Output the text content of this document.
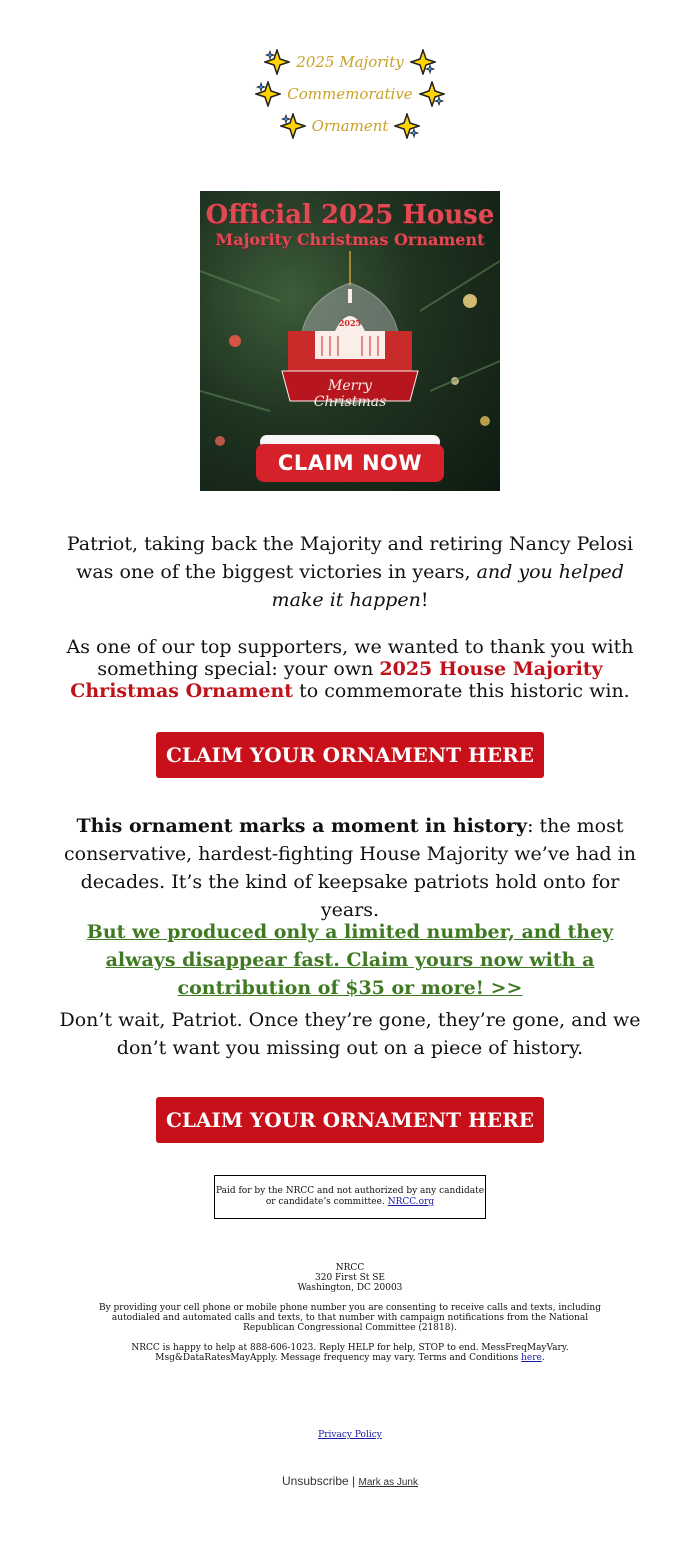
2025 Majority
Commemorative
Ornament
Official 2025 House
Majority Christmas Ornament
2025
Merry Christmas
CLAIM NOW

Patriot, taking back the Majority and retiring Nancy Pelosi was one of the biggest victories in years, and you helped make it happen!

As one of our top supporters, we wanted to thank you with something special: your own 2025 House Majority Christmas Ornament to commemorate this historic win.

CLAIM YOUR ORNAMENT HERE

This ornament marks a moment in history: the most conservative, hardest-fighting House Majority we’ve had in decades. It’s the kind of keepsake patriots hold onto for years.

But we produced only a limited number, and they always disappear fast. Claim yours now with a contribution of $35 or more! >>

Don’t wait, Patriot. Once they’re gone, they’re gone, and we don’t want you missing out on a piece of history.

CLAIM YOUR ORNAMENT HERE
Paid for by the NRCC and not authorized by any candidate or candidate’s committee. NRCC.org

NRCC
320 First St SE
Washington, DC 20003

By providing your cell phone or mobile phone number you are consenting to receive calls and texts, including autodialed and automated calls and texts, to that number with campaign notifications from the National Republican Congressional Committee (21818).

NRCC is happy to help at 888-606-1023. Reply HELP for help, STOP to end. MessFreqMayVary. Msg&DataRatesMayApply. Message frequency may vary. Terms and Conditions here.

Privacy Policy

Unsubscribe | Mark as Junk
